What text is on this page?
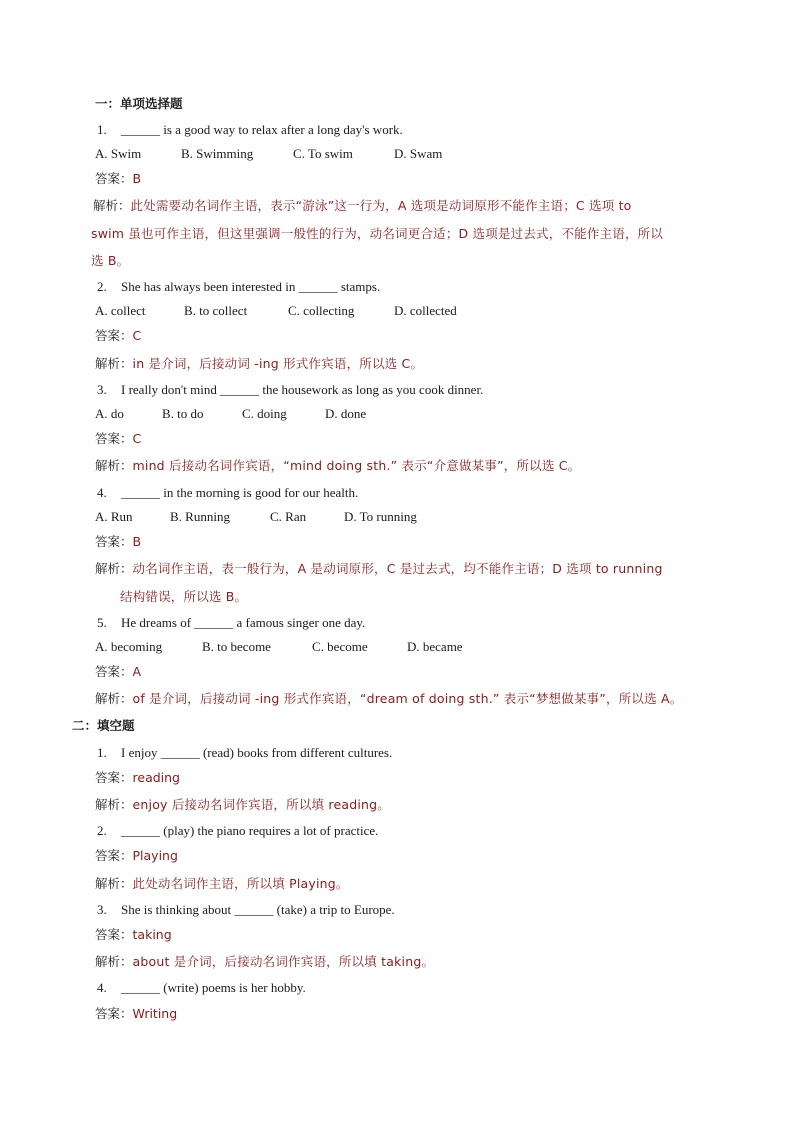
一：单项选择题
1. ______ is a good way to relax after a long day's work.
A. Swim	B. Swimming	C. To swim	D. Swam
答案：B
解析：此处需要动名词作主语，表示“游泳”这一行为，A 选项是动词原形不能作主语；C 选项 to
swim 虽也可作主语，但这里强调一般性的行为，动名词更合适；D 选项是过去式，不能作主语，所以
选 B。
2. She has always been interested in ______ stamps.
A. collect	B. to collect	C. collecting	D. collected
答案：C
解析：in 是介词，后接动词 -ing 形式作宾语，所以选 C。
3. I really don't mind ______ the housework as long as you cook dinner.
A. do	B. to do	C. doing	D. done
答案：C
解析：mind 后接动名词作宾语，“mind doing sth.” 表示“介意做某事”，所以选 C。
4. ______ in the morning is good for our health.
A. Run	B. Running	C. Ran	D. To running
答案：B
解析：动名词作主语，表一般行为，A 是动词原形，C 是过去式，均不能作主语；D 选项 to running
结构错误，所以选 B。
5. He dreams of ______ a famous singer one day.
A. becoming	B. to become	C. become	D. became
答案：A
解析：of 是介词，后接动词 -ing 形式作宾语，“dream of doing sth.” 表示“梦想做某事”，所以选 A。
二：填空题
1. I enjoy ______ (read) books from different cultures.
答案：reading
解析：enjoy 后接动名词作宾语，所以填 reading。
2. ______ (play) the piano requires a lot of practice.
答案：Playing
解析：此处动名词作主语，所以填 Playing。
3. She is thinking about ______ (take) a trip to Europe.
答案：taking
解析：about 是介词，后接动名词作宾语，所以填 taking。
4. ______ (write) poems is her hobby.
答案：Writing
